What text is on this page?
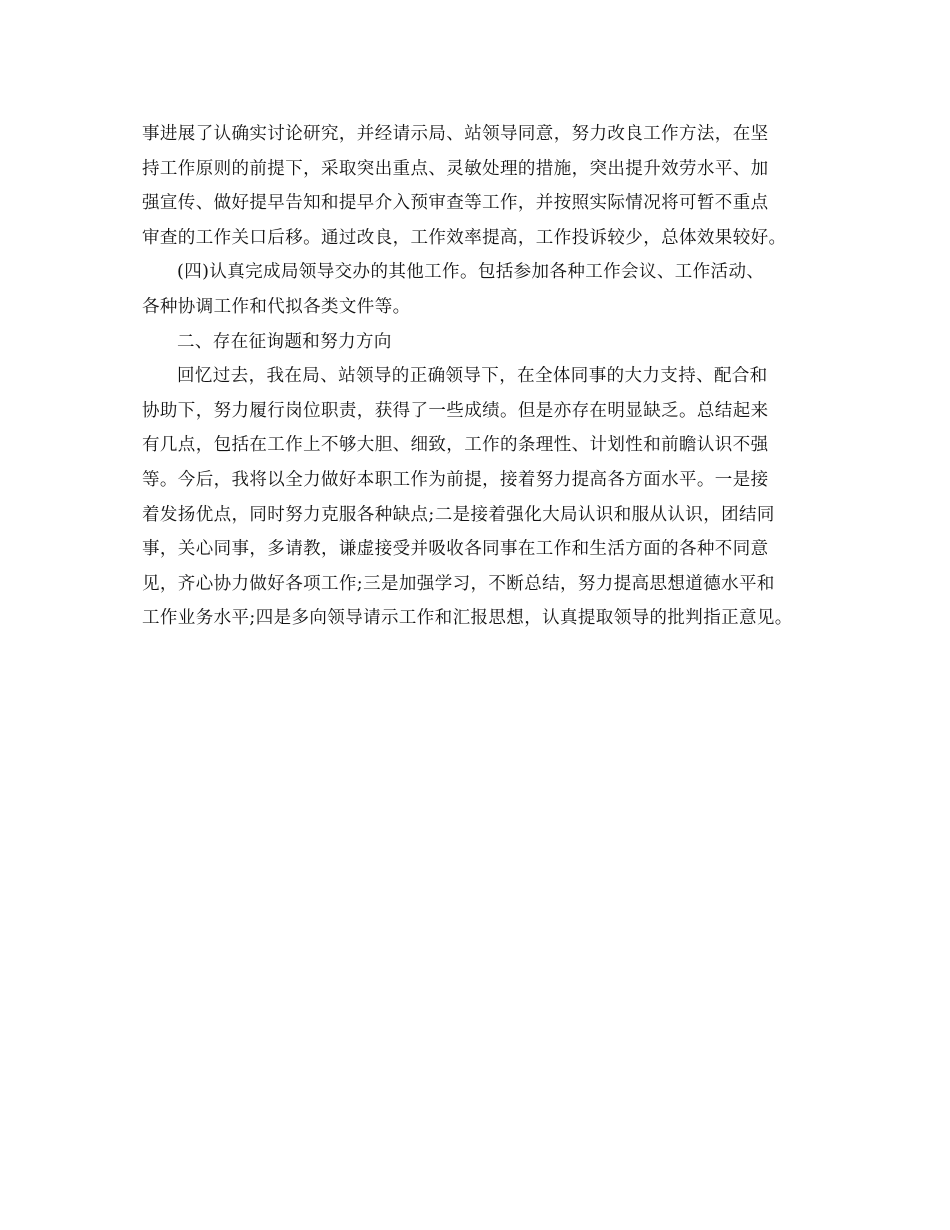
事进展了认确实讨论研究，并经请示局、站领导同意，努力改良工作方法，在坚
持工作原则的前提下，采取突出重点、灵敏处理的措施，突出提升效劳水平、加
强宣传、做好提早告知和提早介入预审查等工作，并按照实际情况将可暂不重点
审查的工作关口后移。通过改良，工作效率提高，工作投诉较少，总体效果较好。
(四)认真完成局领导交办的其他工作。包括参加各种工作会议、工作活动、
各种协调工作和代拟各类文件等。
二、存在征询题和努力方向
回忆过去，我在局、站领导的正确领导下，在全体同事的大力支持、配合和
协助下，努力履行岗位职责，获得了一些成绩。但是亦存在明显缺乏。总结起来
有几点，包括在工作上不够大胆、细致，工作的条理性、计划性和前瞻认识不强
等。今后，我将以全力做好本职工作为前提，接着努力提高各方面水平。一是接
着发扬优点，同时努力克服各种缺点;二是接着强化大局认识和服从认识，团结同
事，关心同事，多请教，谦虚接受并吸收各同事在工作和生活方面的各种不同意
见，齐心协力做好各项工作;三是加强学习，不断总结，努力提高思想道德水平和
工作业务水平;四是多向领导请示工作和汇报思想，认真提取领导的批判指正意见。
